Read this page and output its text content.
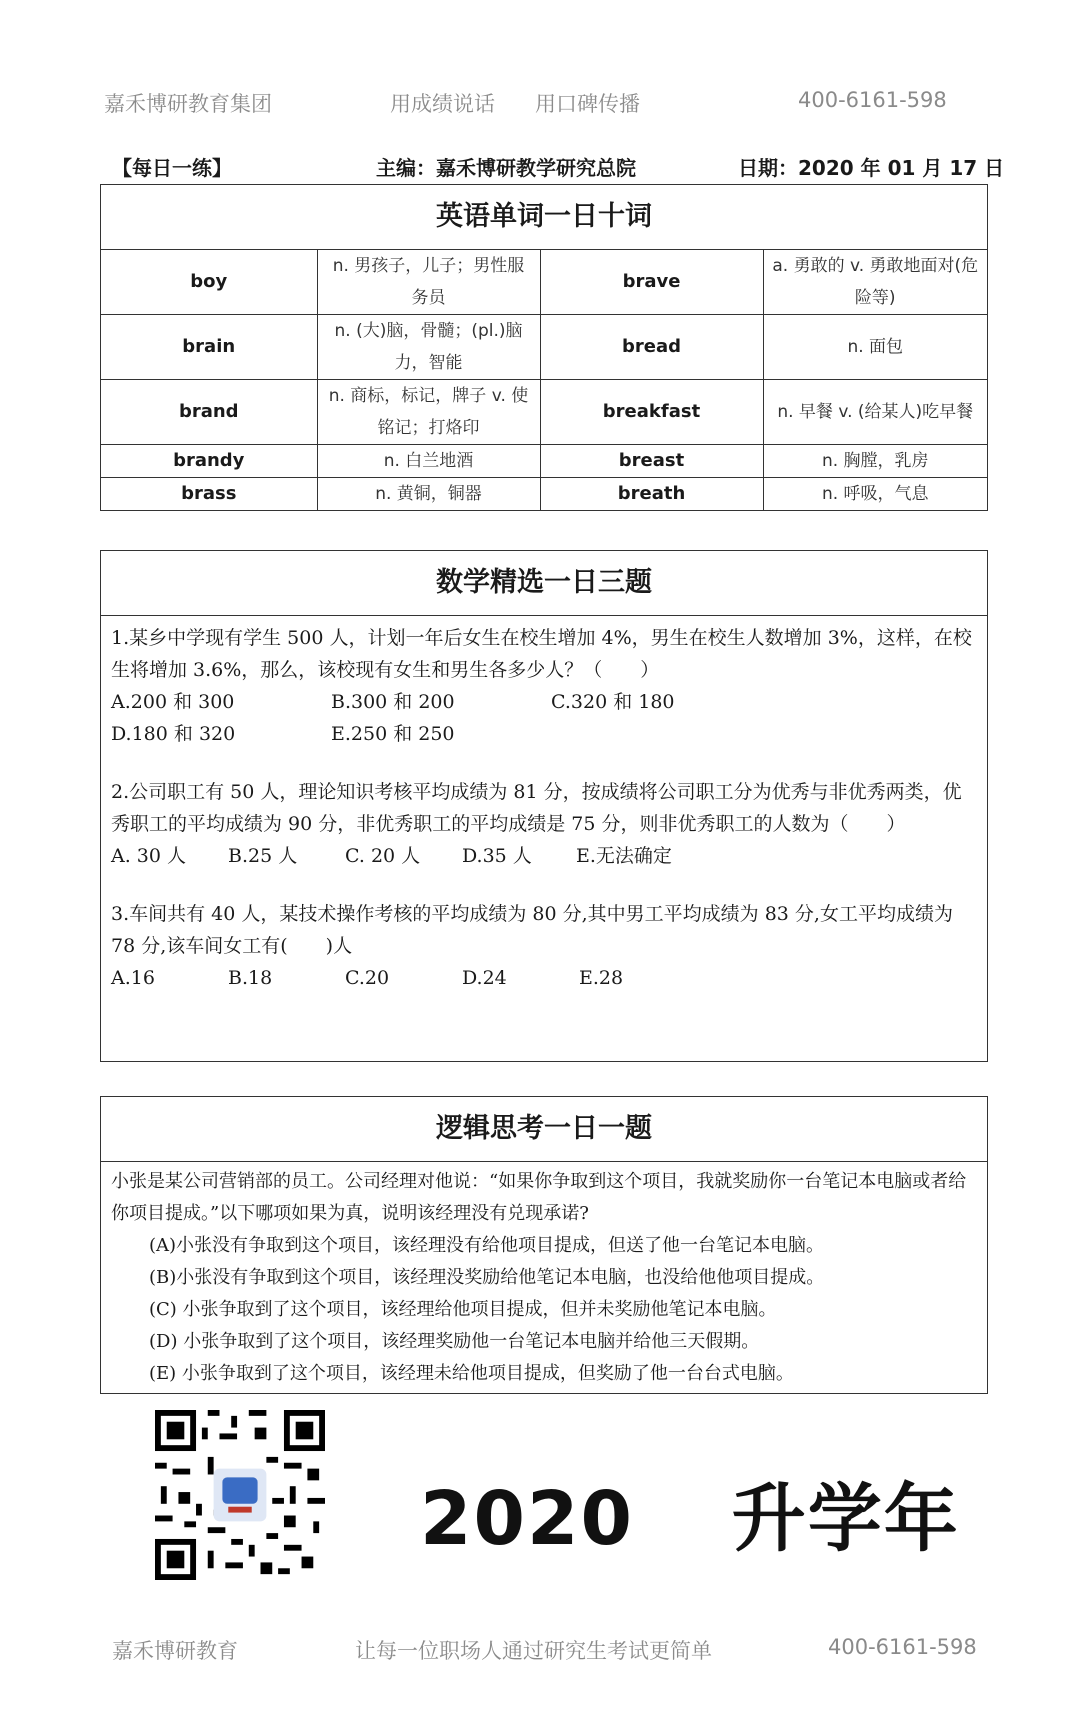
嘉禾博研教育集团	用成绩说话 用口碑传播	400-6161-598
【每日一练】	主编：嘉禾博研教学研究总院	日期：2020 年 01 月 17 日
英语单词一日十词
boy	n. 男孩子，儿子；男性服务员	brave	a. 勇敢的 v. 勇敢地面对(危险等)
brain	n. (大)脑，骨髓；(pl.)脑力，智能	bread	n. 面包
brand	n. 商标，标记，牌子 v. 使铭记；打烙印	breakfast	n. 早餐 v. (给某人)吃早餐
brandy	n. 白兰地酒	breast	n. 胸膛，乳房
brass	n. 黄铜，铜器	breath	n. 呼吸，气息
数学精选一日三题

1.某乡中学现有学生 500 人，计划一年后女生在校生增加 4%，男生在校生人数增加 3%，这样，在校生将增加 3.6%，那么，该校现有女生和男生各多少人？（　　）

A.200 和 300	B.300 和 200	C.320 和 180
D.180 和 320	E.250 和 250

2.公司职工有 50 人，理论知识考核平均成绩为 81 分，按成绩将公司职工分为优秀与非优秀两类，优秀职工的平均成绩为 90 分，非优秀职工的平均成绩是 75 分，则非优秀职工的人数为（　　）

A. 30 人 B.25 人	C. 20 人 D.35 人 E.无法确定

3.车间共有 40 人，某技术操作考核的平均成绩为 80 分,其中男工平均成绩为 83 分,女工平均成绩为 78 分,该车间女工有(　　)人

A.16	B.18	C.20	D.24	E.28
逻辑思考一日一题

小张是某公司营销部的员工。公司经理对他说：“如果你争取到这个项目，我就奖励你一台笔记本电脑或者给你项目提成。”以下哪项如果为真，说明该经理没有兑现承诺?

(A)小张没有争取到这个项目，该经理没有给他项目提成，但送了他一台笔记本电脑。

(B)小张没有争取到这个项目，该经理没奖励给他笔记本电脑，也没给他他项目提成。

(C) 小张争取到了这个项目，该经理给他项目提成，但并未奖励他笔记本电脑。

(D) 小张争取到了这个项目，该经理奖励他一台笔记本电脑并给他三天假期。

(E) 小张争取到了这个项目，该经理未给他项目提成，但奖励了他一台台式电脑。

2020 升学年
嘉禾博研教育	让每一位职场人通过研究生考试更简单	400-6161-598
